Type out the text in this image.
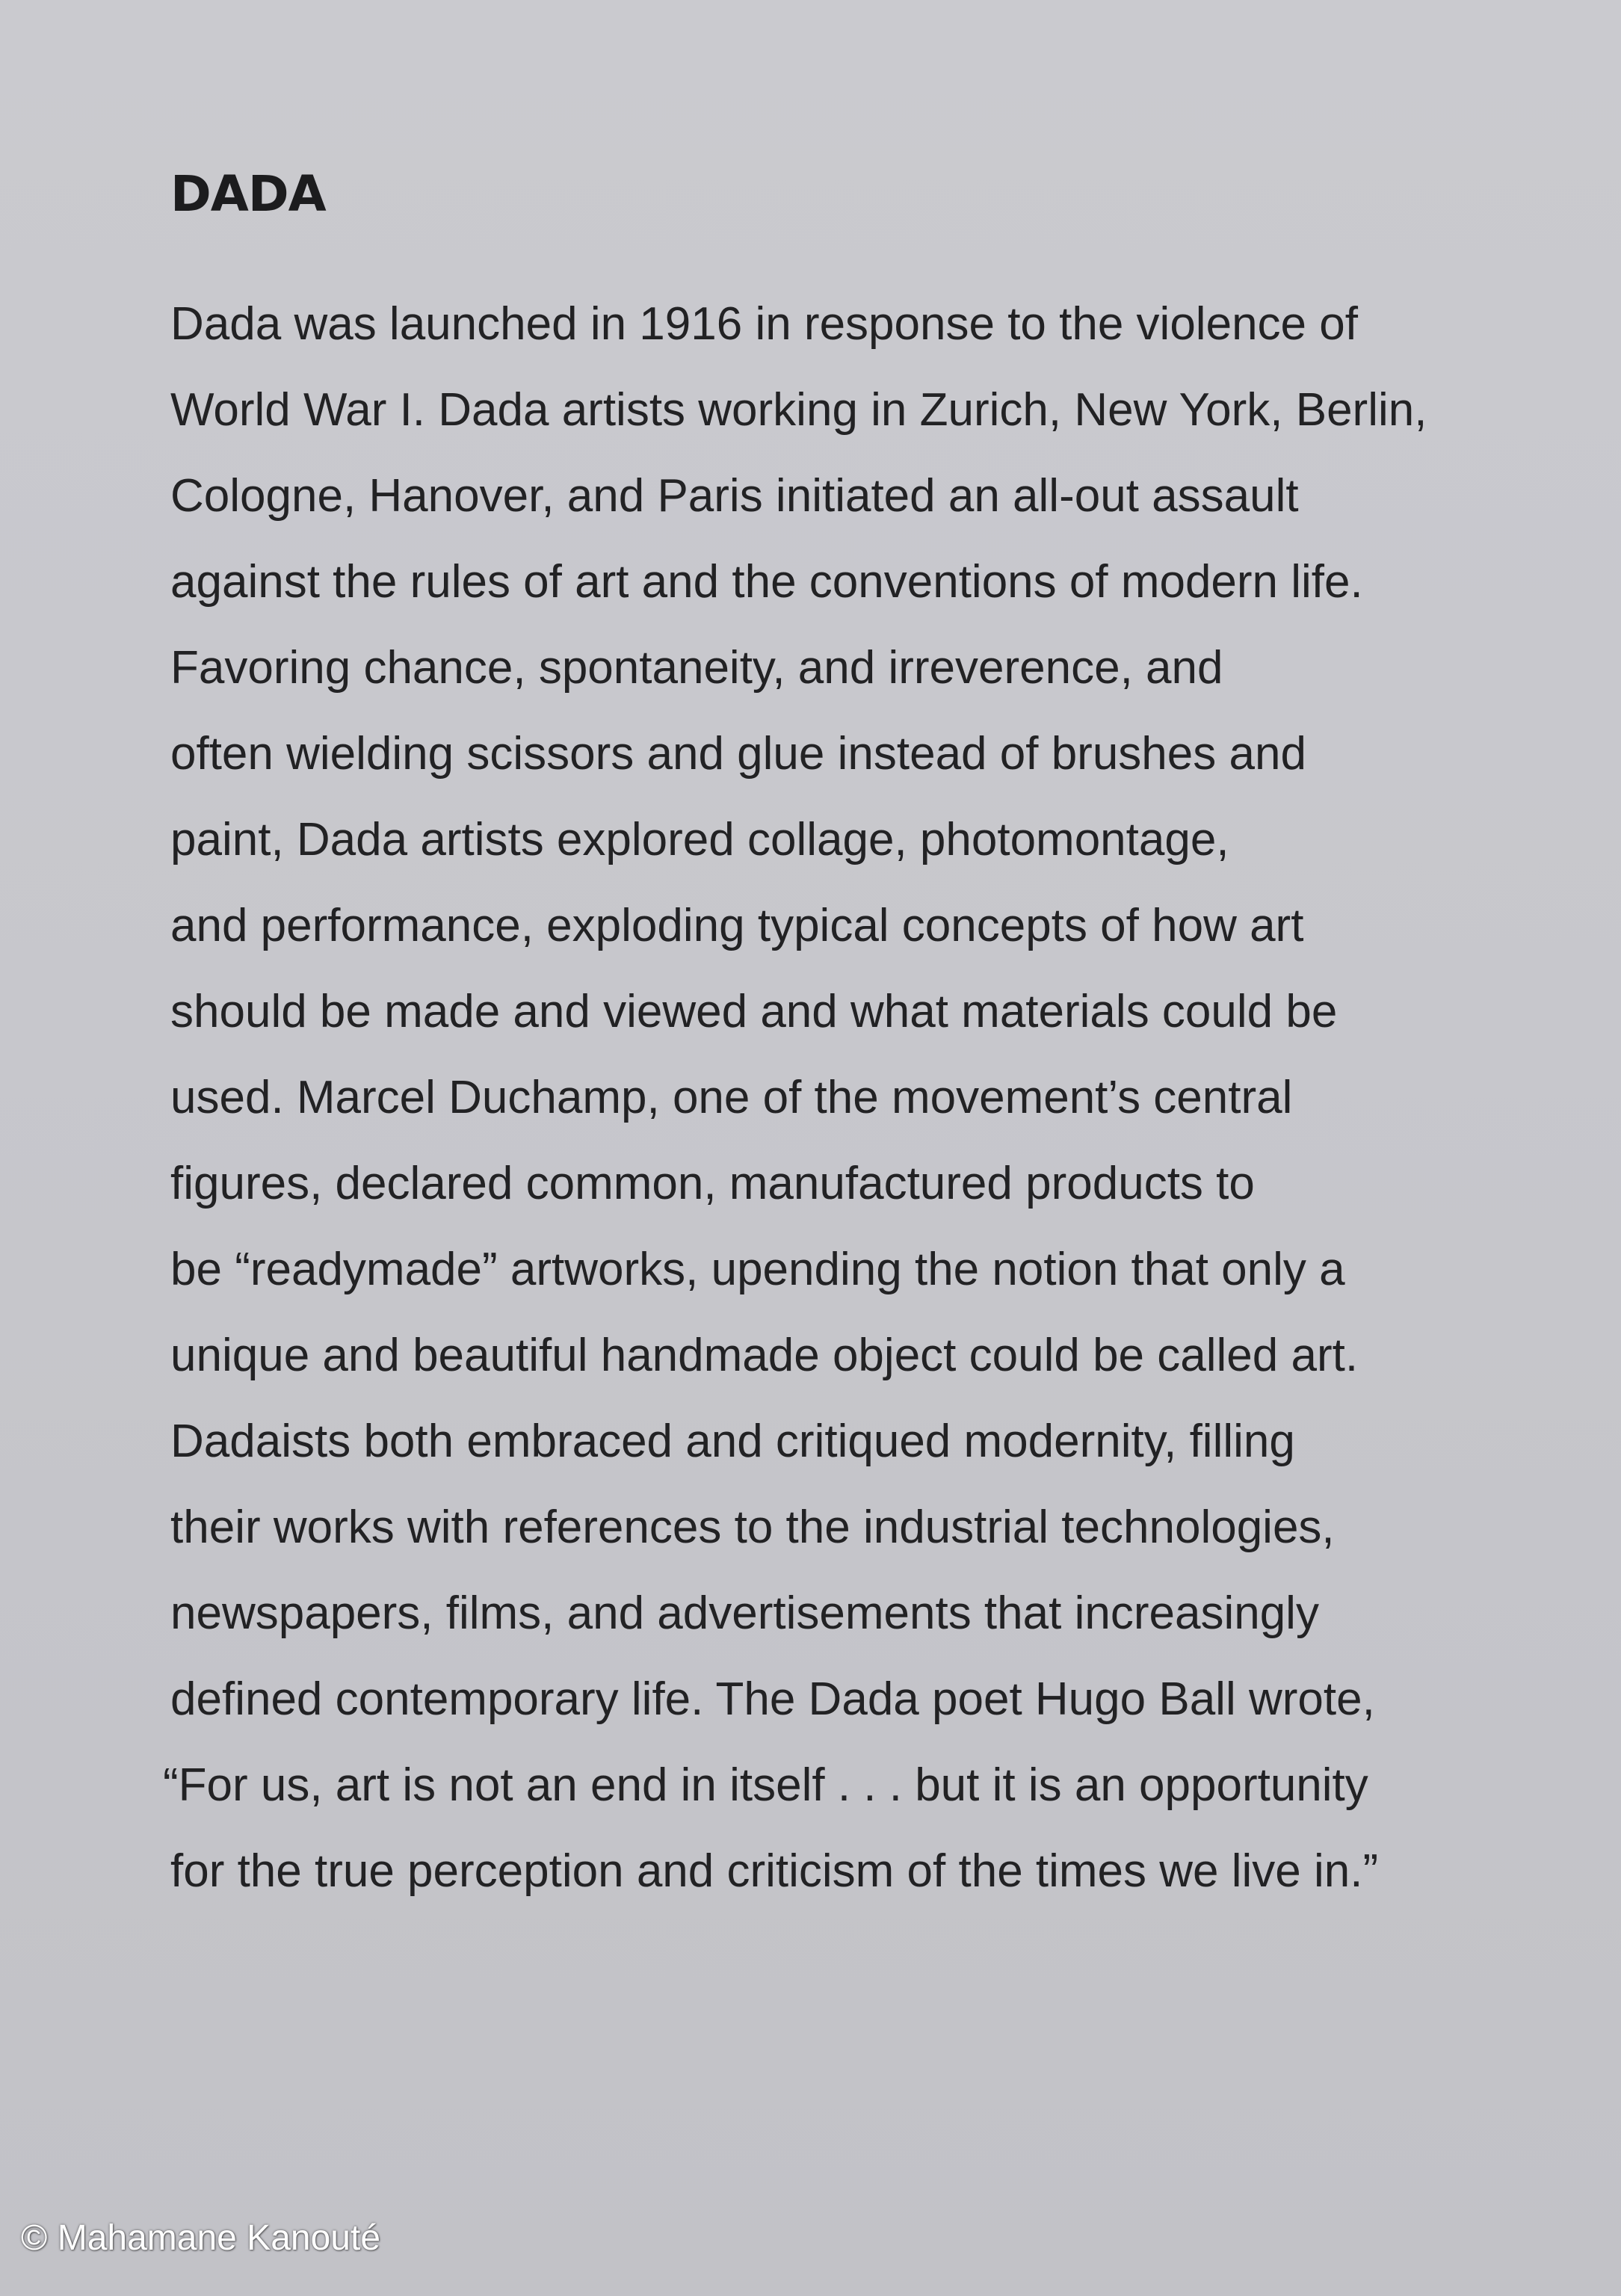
DADA
Dada was launched in 1916 in response to the violence of
World War I. Dada artists working in Zurich, New York, Berlin,
Cologne, Hanover, and Paris initiated an all-out assault
against the rules of art and the conventions of modern life.
Favoring chance, spontaneity, and irreverence, and
often wielding scissors and glue instead of brushes and
paint, Dada artists explored collage, photomontage,
and performance, exploding typical concepts of how art
should be made and viewed and what materials could be
used. Marcel Duchamp, one of the movement’s central
figures, declared common, manufactured products to
be “readymade” artworks, upending the notion that only a
unique and beautiful handmade object could be called art.
Dadaists both embraced and critiqued modernity, filling
their works with references to the industrial technologies,
newspapers, films, and advertisements that increasingly
defined contemporary life. The Dada poet Hugo Ball wrote,
“For us, art is not an end in itself . . . but it is an opportunity
for the true perception and criticism of the times we live in.”
© Mahamane Kanouté
